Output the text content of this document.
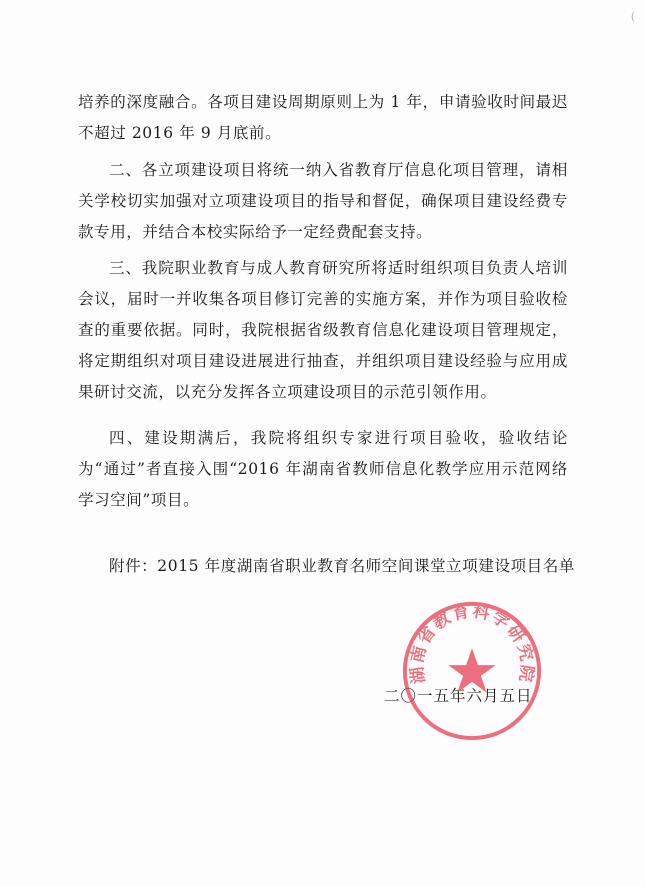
(

培养的深度融合。各项目建设周期原则上为 1 年，申请验收时间最迟不超过 2016 年 9 月底前。

二、各立项建设项目将统一纳入省教育厅信息化项目管理，请相关学校切实加强对立项建设项目的指导和督促，确保项目建设经费专款专用，并结合本校实际给予一定经费配套支持。

三、我院职业教育与成人教育研究所将适时组织项目负责人培训会议，届时一并收集各项目修订完善的实施方案，并作为项目验收检查的重要依据。同时，我院根据省级教育信息化建设项目管理规定，将定期组织对项目建设进展进行抽查，并组织项目建设经验与应用成果研讨交流，以充分发挥各立项建设项目的示范引领作用。

四、建设期满后，我院将组织专家进行项目验收，验收结论为“通过”者直接入围“2016 年湖南省教师信息化教学应用示范网络学习空间”项目。

附件：2015 年度湖南省职业教育名师空间课堂立项建设项目名单

二〇一五年六月五日

湖南省教育科学研究院
